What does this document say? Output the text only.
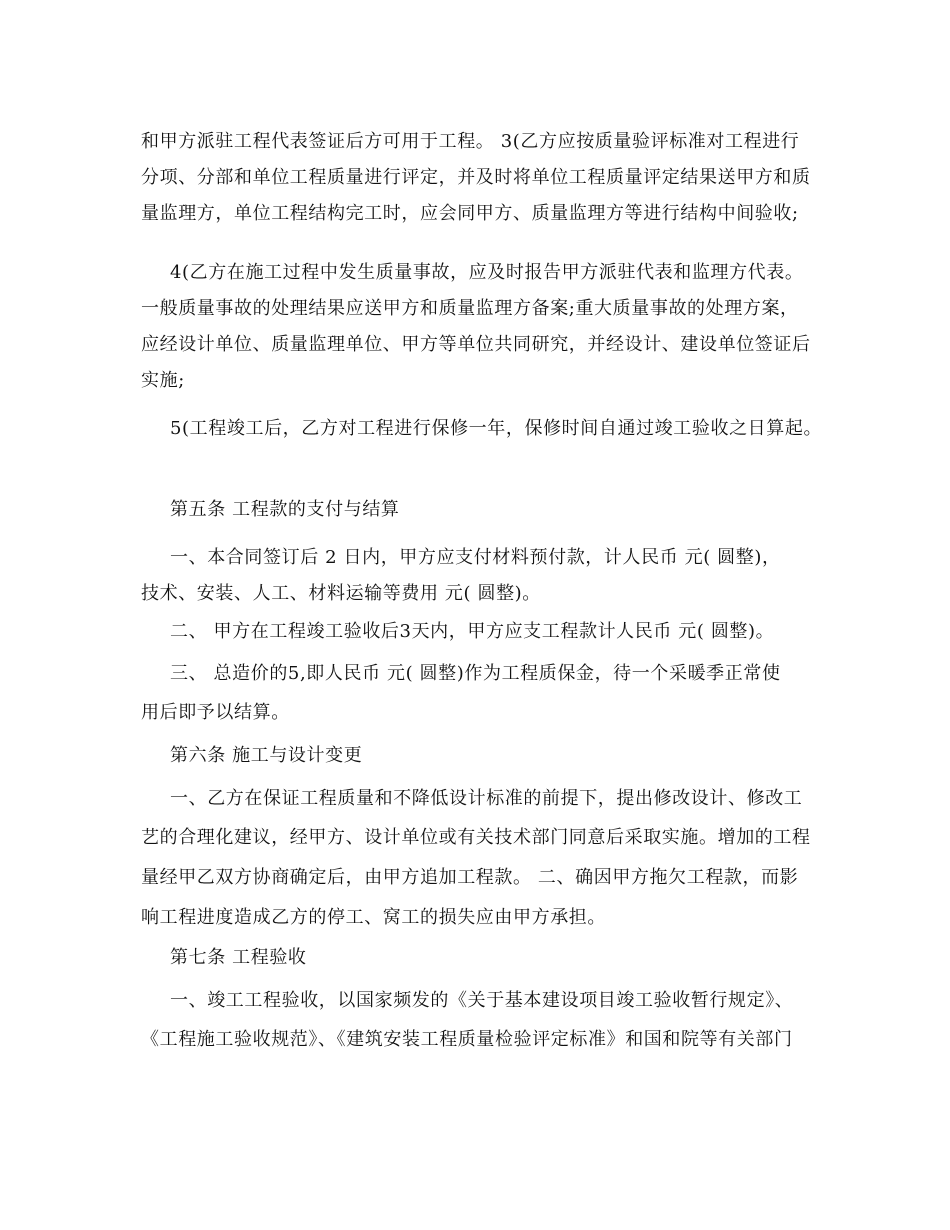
和甲方派驻工程代表签证后方可用于工程。 3(乙方应按质量验评标准对工程进行
分项、分部和单位工程质量进行评定，并及时将单位工程质量评定结果送甲方和质
量监理方，单位工程结构完工时，应会同甲方、质量监理方等进行结构中间验收;
4(乙方在施工过程中发生质量事故，应及时报告甲方派驻代表和监理方代表。
一般质量事故的处理结果应送甲方和质量监理方备案;重大质量事故的处理方案，
应经设计单位、质量监理单位、甲方等单位共同研究，并经设计、建设单位签证后
实施;
5(工程竣工后，乙方对工程进行保修一年，保修时间自通过竣工验收之日算起。
第五条 工程款的支付与结算
一、本合同签订后 2 日内，甲方应支付材料预付款，计人民币 元( 圆整)，
技术、安装、人工、材料运输等费用 元( 圆整)。
二、 甲方在工程竣工验收后3天内，甲方应支工程款计人民币 元( 圆整)。
三、 总造价的5,即人民币 元( 圆整)作为工程质保金，待一个采暖季正常使
用后即予以结算。
第六条 施工与设计变更
一、乙方在保证工程质量和不降低设计标准的前提下，提出修改设计、修改工
艺的合理化建议，经甲方、设计单位或有关技术部门同意后采取实施。增加的工程
量经甲乙双方协商确定后，由甲方追加工程款。 二、确因甲方拖欠工程款，而影
响工程进度造成乙方的停工、窝工的损失应由甲方承担。
第七条 工程验收
一、竣工工程验收，以国家频发的《关于基本建设项目竣工验收暂行规定》、
《工程施工验收规范》、《建筑安装工程质量检验评定标准》和国和院等有关部门
